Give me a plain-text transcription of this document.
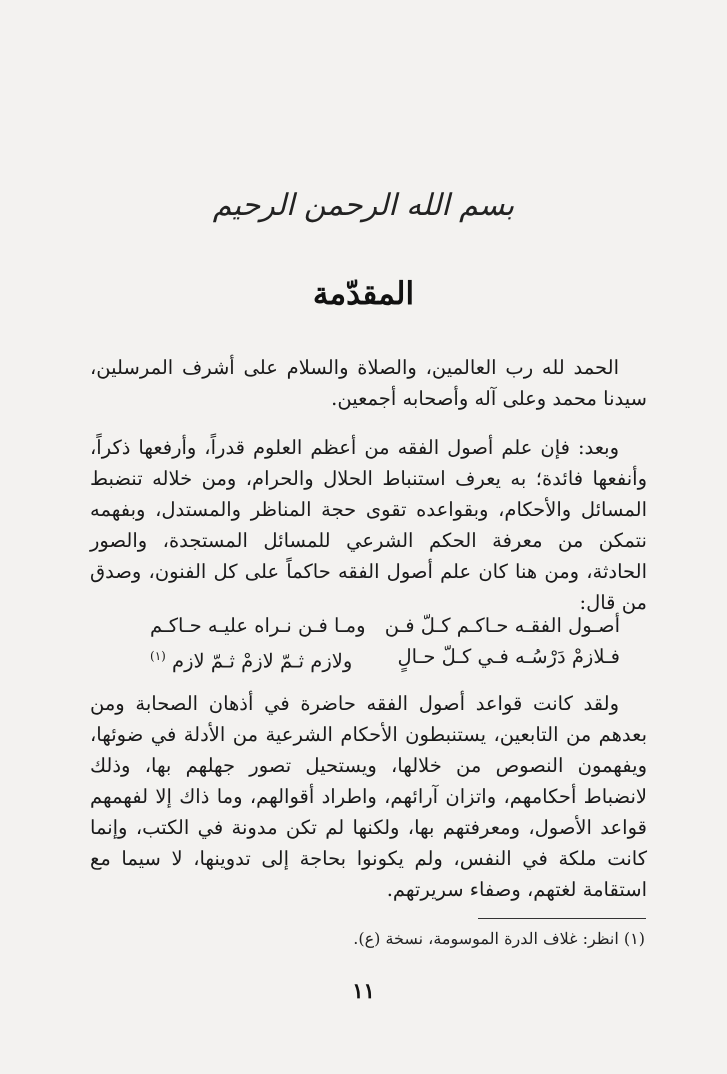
بسم الله الرحمن الرحيم
المقدّمة

الحمد لله رب العالمين، والصلاة والسلام على أشرف المرسلين، سيدنا محمد وعلى آله وأصحابه أجمعين.

وبعد: فإن علم أصول الفقه من أعظم العلوم قدراً، وأرفعها ذكراً، وأنفعها فائدة؛ به يعرف استنباط الحلال والحرام، ومن خلاله تنضبط المسائل والأحكام، وبقواعده تقوى حجة المناظر والمستدل، وبفهمه نتمكن من معرفة الحكم الشرعي للمسائل المستجدة، والصور الحادثة، ومن هنا كان علم أصول الفقه حاكماً على كل الفنون، وصدق من قال:

أصـول الفقـه حـاكـم كـلّ فـن
ومـا فـن نـراه عليـه حـاكـم
فـلازمْ دَرْسُـه فـي كـلّ حـالٍ
ولازم ثـمّ لازمْ ثـمّ لازم $^{(١)}$

ولقد كانت قواعد أصول الفقه حاضرة في أذهان الصحابة ومن بعدهم من التابعين، يستنبطون الأحكام الشرعية من الأدلة في ضوئها، ويفهمون النصوص من خلالها، ويستحيل تصور جهلهم بها، وذلك لانضباط أحكامهم، واتزان آرائهم، واطراد أقوالهم، وما ذاك إلا لفهمهم قواعد الأصول، ومعرفتهم بها، ولكنها لم تكن مدونة في الكتب، وإنما كانت ملكة في النفس، ولم يكونوا بحاجة إلى تدوينها، لا سيما مع استقامة لغتهم، وصفاء سريرتهم.

(١) انظر: غلاف الدرة الموسومة، نسخة (ع).
١١
